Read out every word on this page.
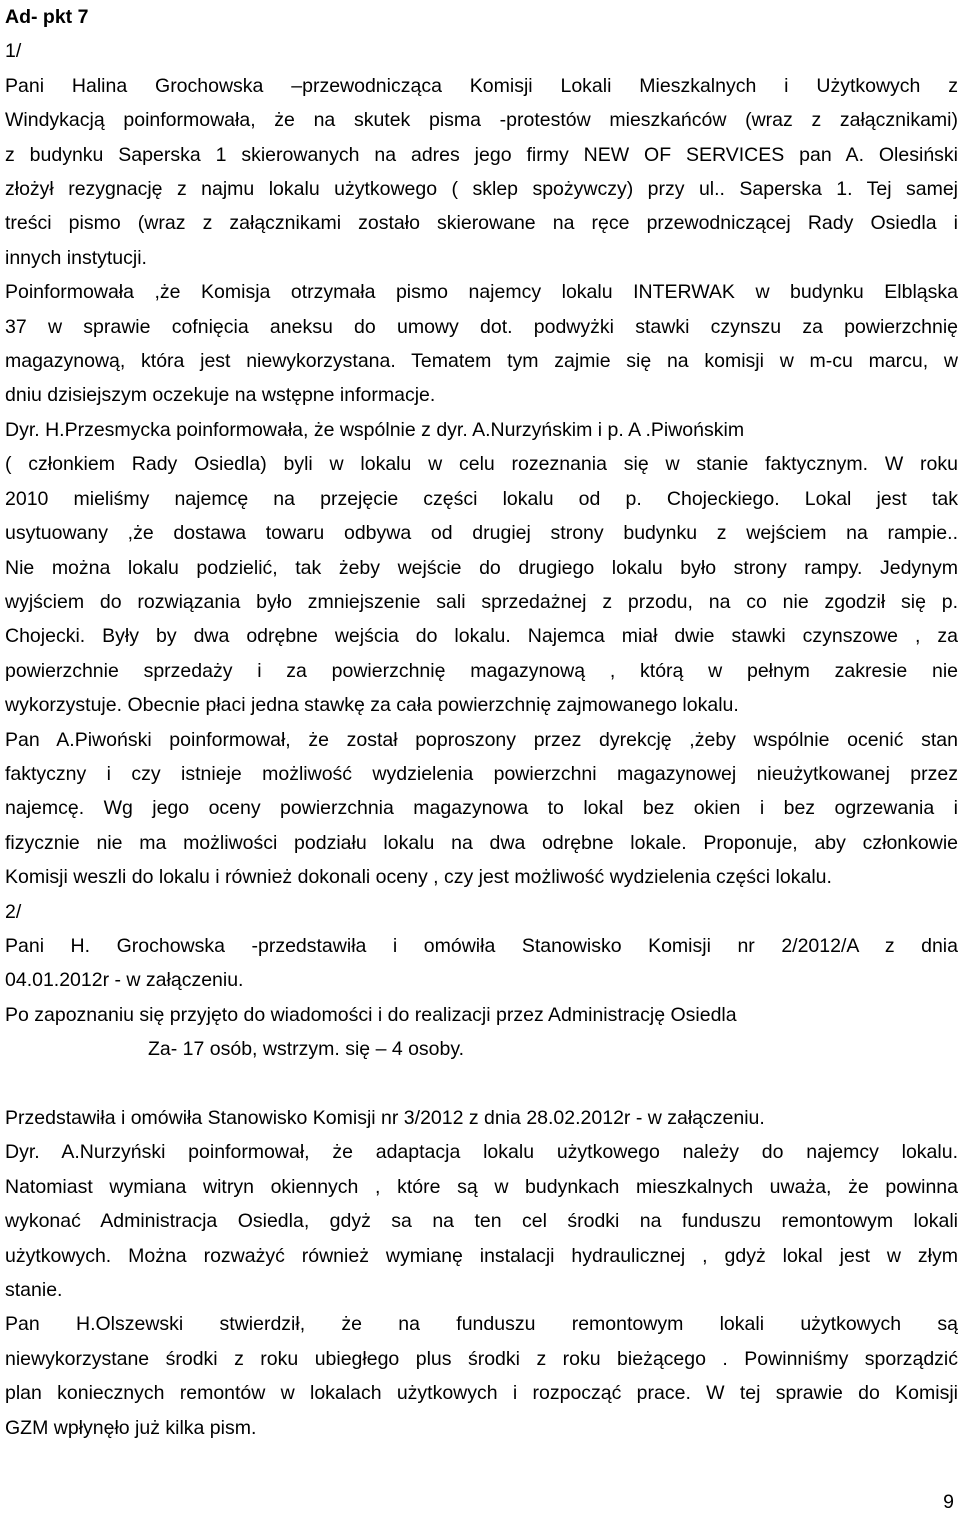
Ad- pkt 7

1/

Pani Halina Grochowska –przewodnicząca Komisji Lokali Mieszkalnych i Użytkowych z

Windykacją poinformowała, że na skutek pisma -protestów mieszkańców (wraz z załącznikami)

z budynku Saperska 1 skierowanych na adres jego firmy NEW OF SERVICES pan A. Olesiński

złożył rezygnację z najmu lokalu użytkowego ( sklep spożywczy) przy ul.. Saperska 1. Tej samej

treści pismo (wraz z załącznikami zostało skierowane na ręce przewodniczącej Rady Osiedla i

innych instytucji.

Poinformowała ,że Komisja otrzymała pismo najemcy lokalu INTERWAK w budynku Elbląska

37 w sprawie cofnięcia aneksu do umowy dot. podwyżki stawki czynszu za powierzchnię

magazynową, która jest niewykorzystana. Tematem tym zajmie się na komisji w m-cu marcu, w

dniu dzisiejszym oczekuje na wstępne informacje.

Dyr. H.Przesmycka poinformowała, że wspólnie z dyr. A.Nurzyńskim i p. A .Piwońskim

( członkiem Rady Osiedla) byli w lokalu w celu rozeznania się w stanie faktycznym. W roku

2010 mieliśmy najemcę na przejęcie części lokalu od p. Chojeckiego. Lokal jest tak

usytuowany ,że dostawa towaru odbywa od drugiej strony budynku z wejściem na rampie..

Nie można lokalu podzielić, tak żeby wejście do drugiego lokalu było strony rampy. Jedynym

wyjściem do rozwiązania było zmniejszenie sali sprzedażnej z przodu, na co nie zgodził się p.

Chojecki. Były by dwa odrębne wejścia do lokalu. Najemca miał dwie stawki czynszowe , za

powierzchnie sprzedaży i za powierzchnię magazynową , którą w pełnym zakresie nie

wykorzystuje. Obecnie płaci jedna stawkę za cała powierzchnię zajmowanego lokalu.

Pan A.Piwoński poinformował, że został poproszony przez dyrekcję ,żeby wspólnie ocenić stan

faktyczny i czy istnieje możliwość wydzielenia powierzchni magazynowej nieużytkowanej przez

najemcę. Wg jego oceny powierzchnia magazynowa to lokal bez okien i bez ogrzewania i

fizycznie nie ma możliwości podziału lokalu na dwa odrębne lokale. Proponuje, aby członkowie

Komisji weszli do lokalu i również dokonali oceny , czy jest możliwość wydzielenia części lokalu.

2/

Pani H. Grochowska -przedstawiła i omówiła Stanowisko Komisji nr 2/2012/A z dnia

04.01.2012r - w załączeniu.

Po zapoznaniu się przyjęto do wiadomości i do realizacji przez Administrację Osiedla

Za- 17 osób, wstrzym. się – 4 osoby.

Przedstawiła i omówiła Stanowisko Komisji nr 3/2012 z dnia 28.02.2012r - w załączeniu.

Dyr. A.Nurzyński poinformował, że adaptacja lokalu użytkowego należy do najemcy lokalu.

Natomiast wymiana witryn okiennych , które są w budynkach mieszkalnych uważa, że powinna

wykonać Administracja Osiedla, gdyż sa na ten cel środki na funduszu remontowym lokali

użytkowych. Można rozważyć również wymianę instalacji hydraulicznej , gdyż lokal jest w złym

stanie.

Pan H.Olszewski stwierdził, że na funduszu remontowym lokali użytkowych są

niewykorzystane środki z roku ubiegłego plus środki z roku bieżącego . Powinniśmy sporządzić

plan koniecznych remontów w lokalach użytkowych i rozpocząć prace. W tej sprawie do Komisji

GZM wpłynęło już kilka pism.

9
